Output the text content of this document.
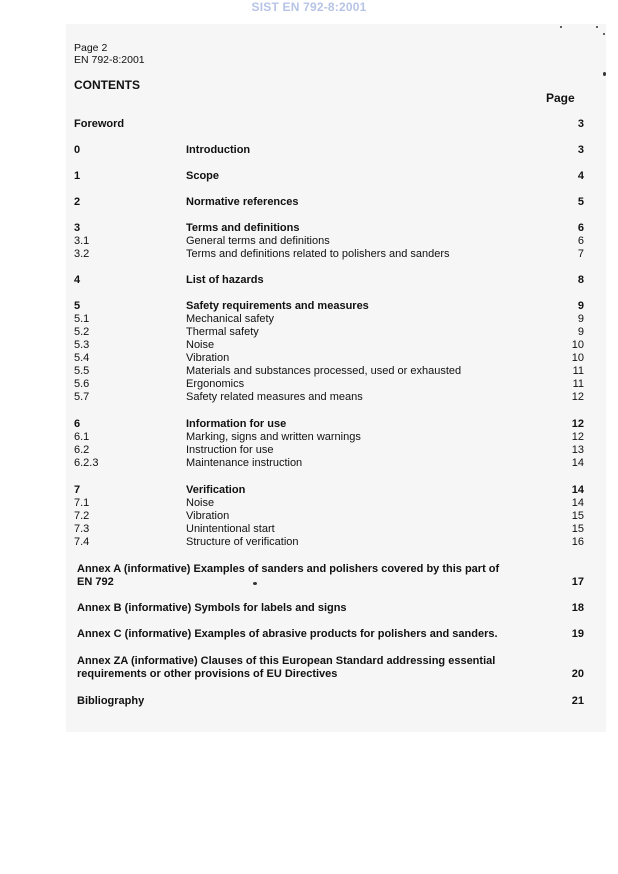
SIST EN 792-8:2001
Page 2
EN 792-8:2001
CONTENTS
Page
Foreword	3
0	Introduction	3
1	Scope	4
2	Normative references	5
3	Terms and definitions	6
3.1	General terms and definitions	6
3.2	Terms and definitions related to polishers and sanders	7
4	List of hazards	8
5	Safety requirements and measures	9
5.1	Mechanical safety	9
5.2	Thermal safety	9
5.3	Noise	10
5.4	Vibration	10
5.5	Materials and substances processed, used or exhausted	11
5.6	Ergonomics	11
5.7	Safety related measures and means	12
6	Information for use	12
6.1	Marking, signs and written warnings	12
6.2	Instruction for use	13
6.2.3	Maintenance instruction	14
7	Verification	14
7.1	Noise	14
7.2	Vibration	15
7.3	Unintentional start	15
7.4	Structure of verification	16
Annex A (informative) Examples of sanders and polishers covered by this part of
EN 792	17
Annex B (informative) Symbols for labels and signs	18
Annex C (informative) Examples of abrasive products for polishers and sanders.	19
Annex ZA (informative) Clauses of this European Standard addressing essential
requirements or other provisions of EU Directives	20
Bibliography	21
